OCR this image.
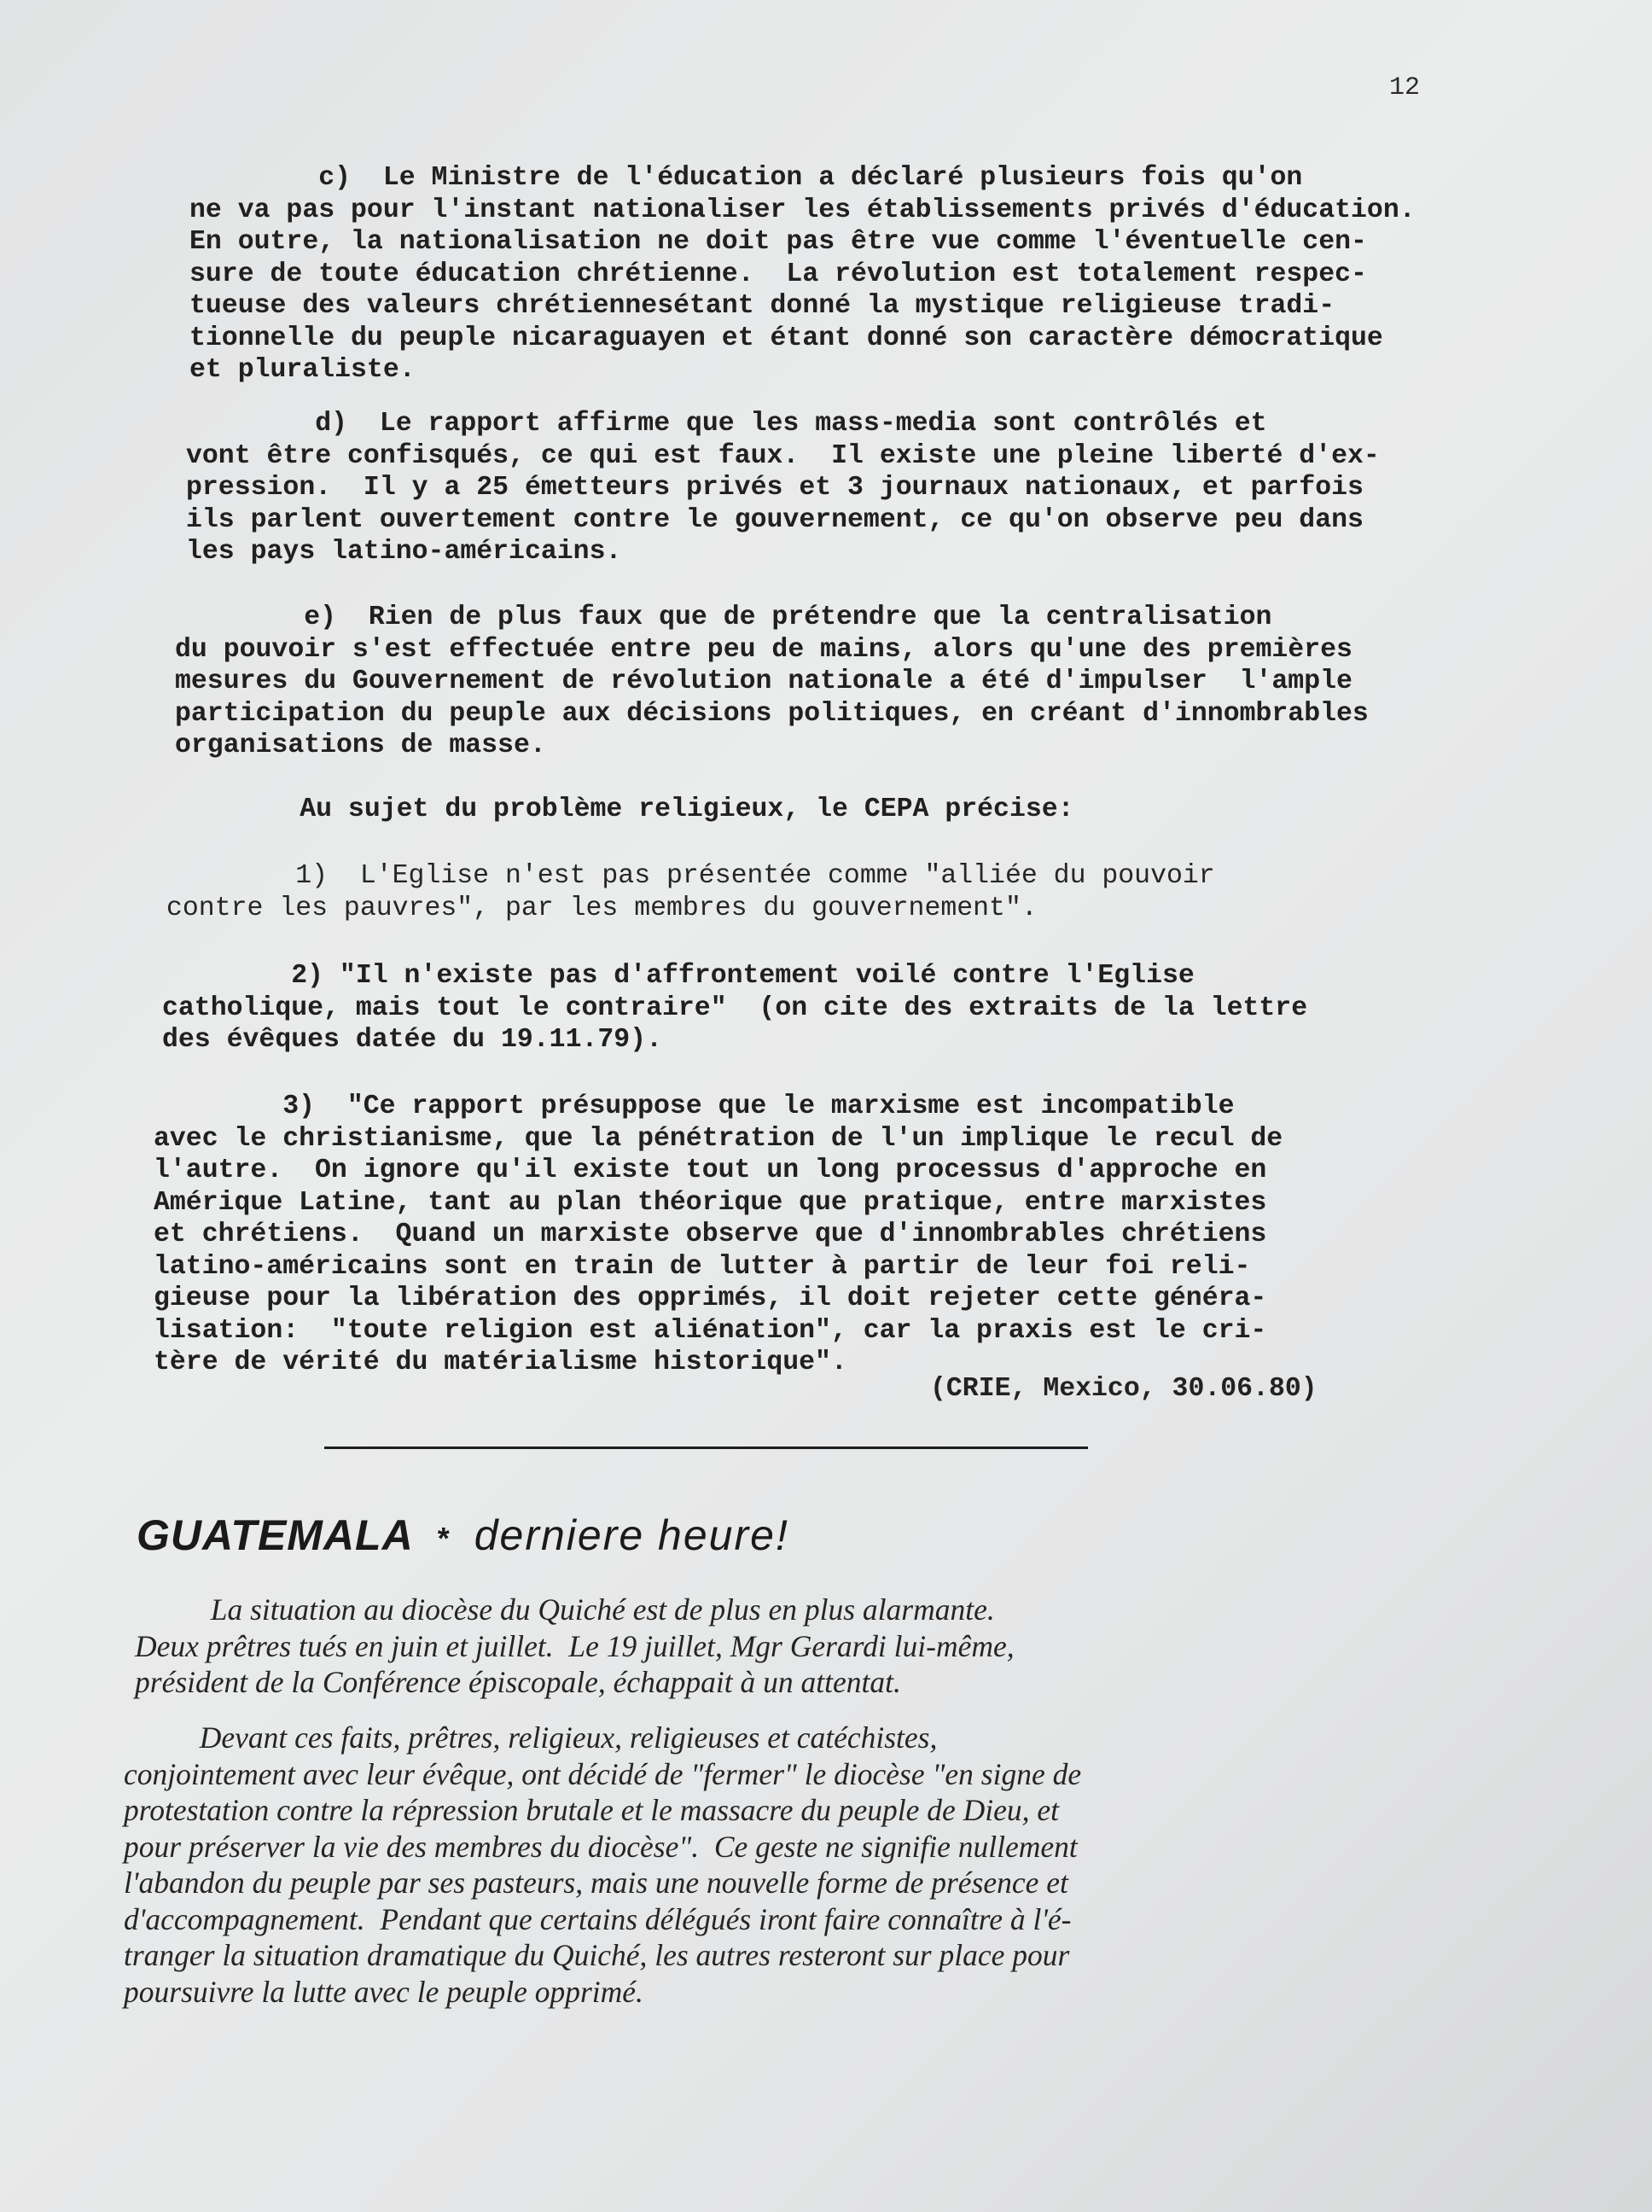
12
c)  Le Ministre de l'éducation a déclaré plusieurs fois qu'on
ne va pas pour l'instant nationaliser les établissements privés d'éducation.
En outre, la nationalisation ne doit pas être vue comme l'éventuelle cen-
sure de toute éducation chrétienne.  La révolution est totalement respec-
tueuse des valeurs chrétiennesétant donné la mystique religieuse tradi-
tionnelle du peuple nicaraguayen et étant donné son caractère démocratique
et pluraliste.
d)  Le rapport affirme que les mass-media sont contrôlés et
vont être confisqués, ce qui est faux.  Il existe une pleine liberté d'ex-
pression.  Il y a 25 émetteurs privés et 3 journaux nationaux, et parfois
ils parlent ouvertement contre le gouvernement, ce qu'on observe peu dans
les pays latino-américains.
e)  Rien de plus faux que de prétendre que la centralisation
du pouvoir s'est effectuée entre peu de mains, alors qu'une des premières
mesures du Gouvernement de révolution nationale a été d'impulser  l'ample
participation du peuple aux décisions politiques, en créant d'innombrables
organisations de masse.
Au sujet du problème religieux, le CEPA précise:
1)  L'Eglise n'est pas présentée comme "alliée du pouvoir
contre les pauvres", par les membres du gouvernement".
2) "Il n'existe pas d'affrontement voilé contre l'Eglise
catholique, mais tout le contraire"  (on cite des extraits de la lettre
des évêques datée du 19.11.79).
3)  "Ce rapport présuppose que le marxisme est incompatible
avec le christianisme, que la pénétration de l'un implique le recul de
l'autre.  On ignore qu'il existe tout un long processus d'approche en
Amérique Latine, tant au plan théorique que pratique, entre marxistes
et chrétiens.  Quand un marxiste observe que d'innombrables chrétiens
latino-américains sont en train de lutter à partir de leur foi reli-
gieuse pour la libération des opprimés, il doit rejeter cette généra-
lisation:  "toute religion est aliénation", car la praxis est le cri-
tère de vérité du matérialisme historique".
(CRIE, Mexico, 30.06.80)
GUATEMALA * derniere heure!
La situation au diocèse du Quiché est de plus en plus alarmante.
Deux prêtres tués en juin et juillet.  Le 19 juillet, Mgr Gerardi lui-même,
président de la Conférence épiscopale, échappait à un attentat.
Devant ces faits, prêtres, religieux, religieuses et catéchistes,
conjointement avec leur évêque, ont décidé de "fermer" le diocèse "en signe de
protestation contre la répression brutale et le massacre du peuple de Dieu, et
pour préserver la vie des membres du diocèse".  Ce geste ne signifie nullement
l'abandon du peuple par ses pasteurs, mais une nouvelle forme de présence et
d'accompagnement.  Pendant que certains délégués iront faire connaître à l'é-
tranger la situation dramatique du Quiché, les autres resteront sur place pour
poursuivre la lutte avec le peuple opprimé.
